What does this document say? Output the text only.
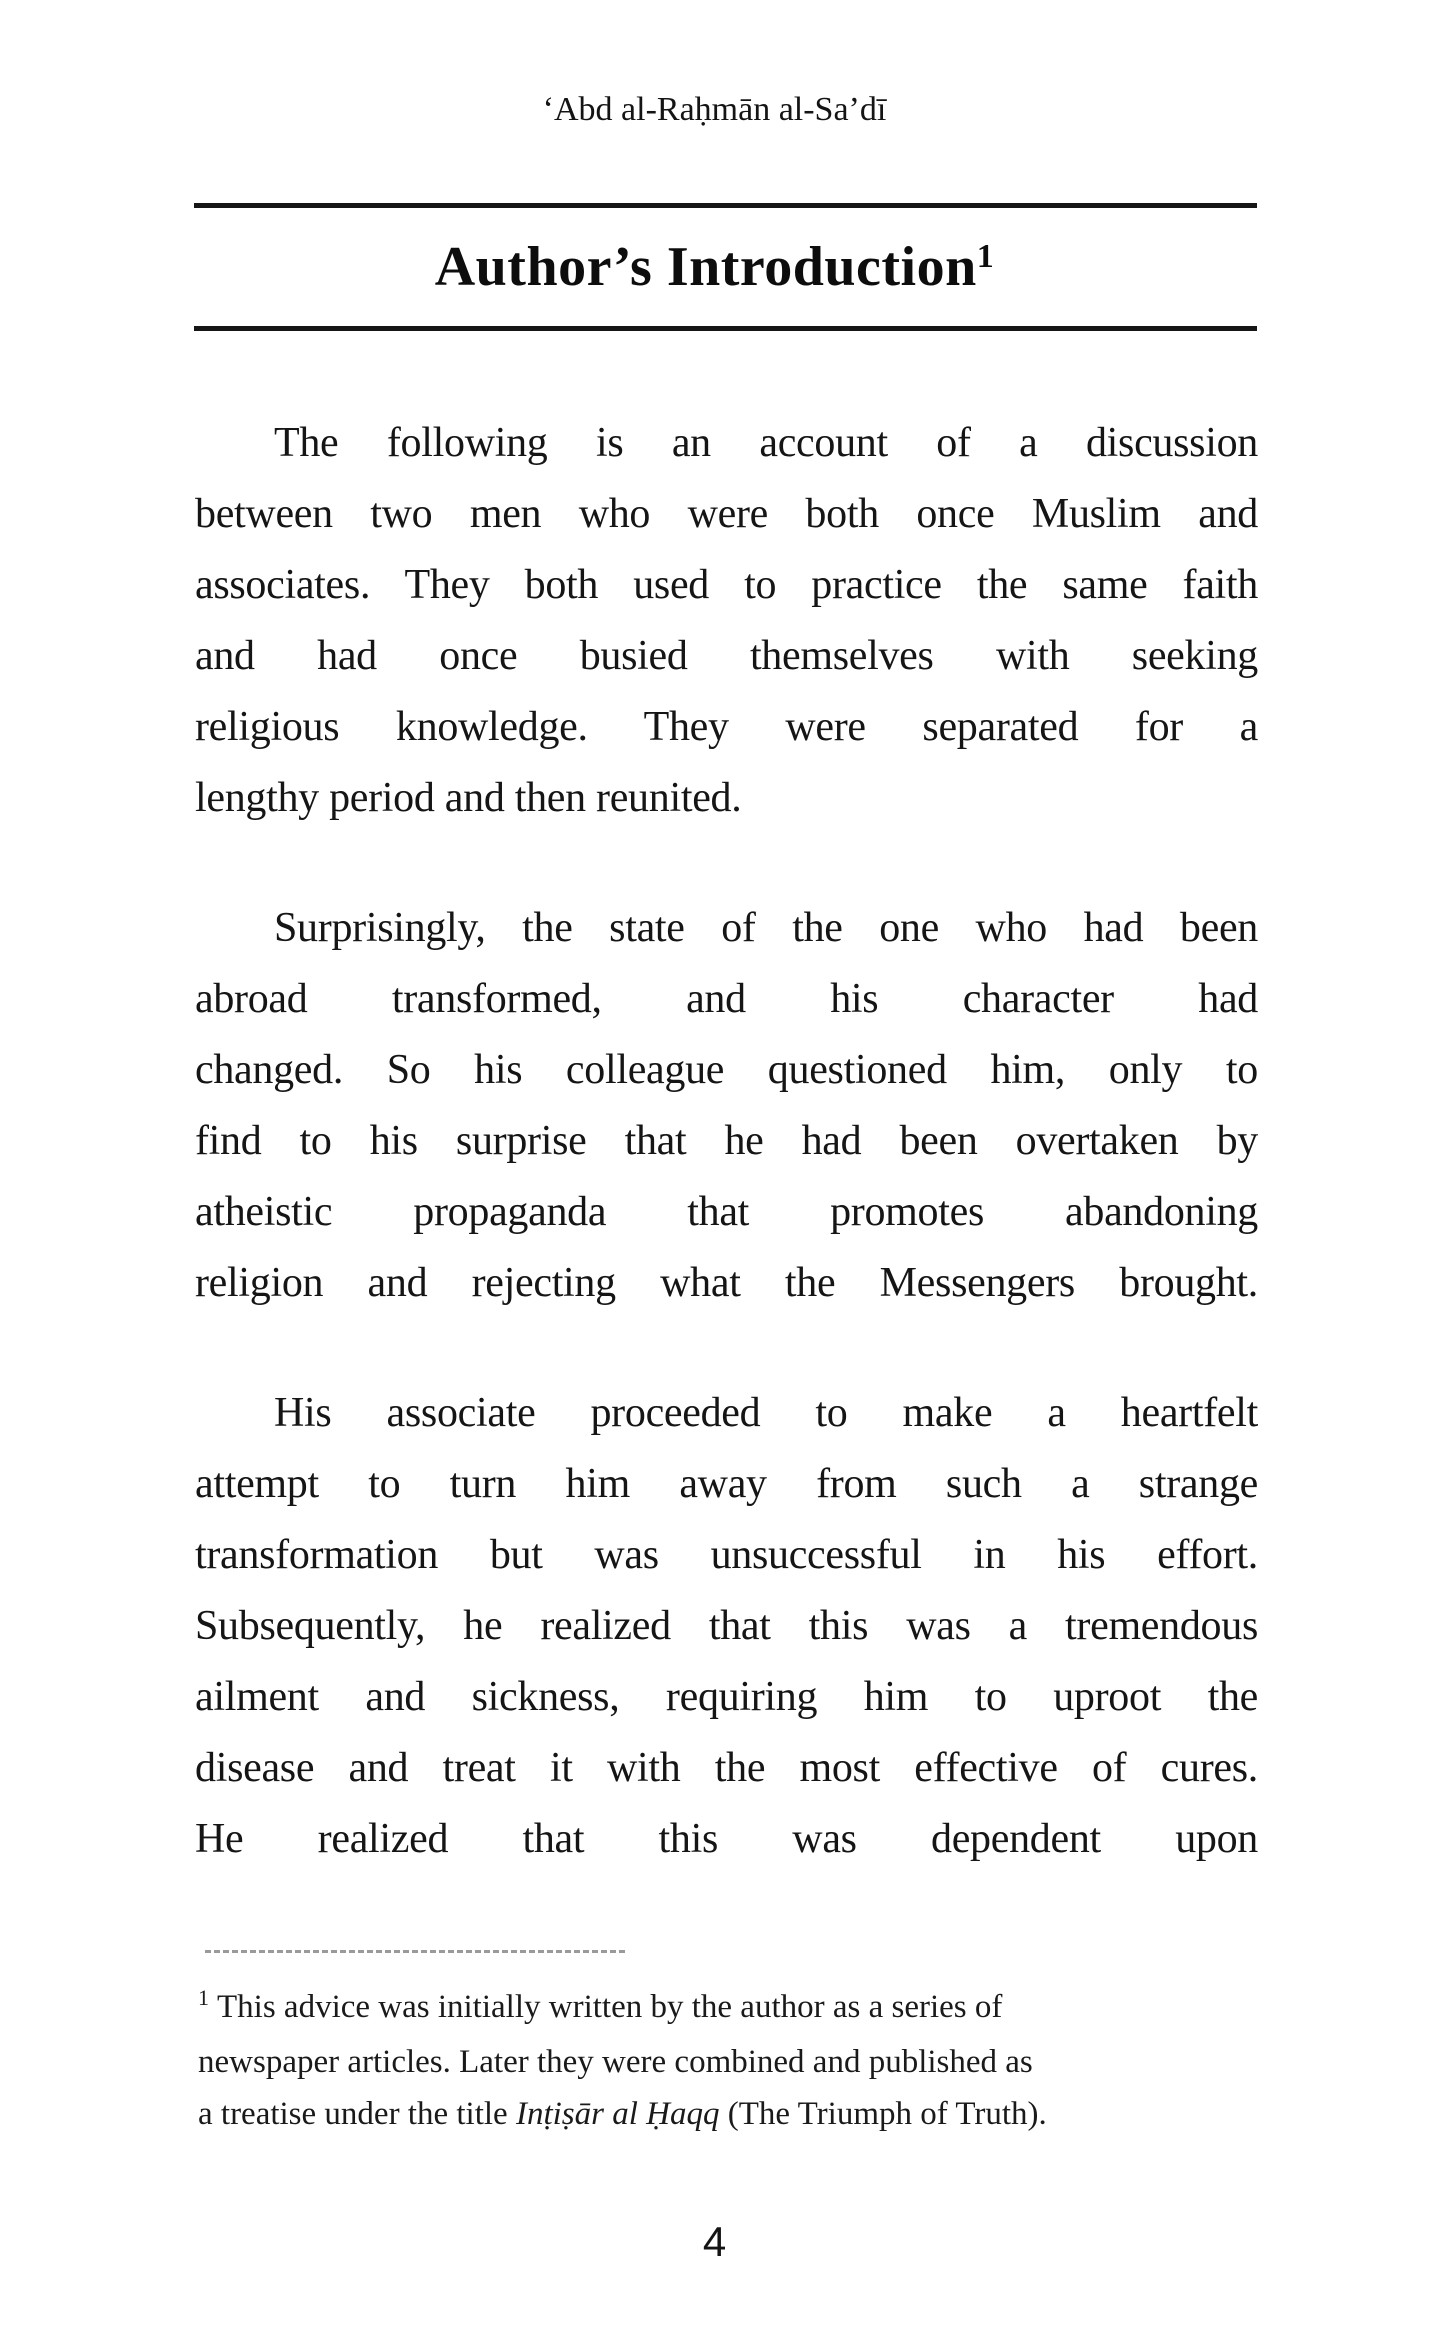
‘Abd al-Raḥmān al-Sa’dī
Author’s Introduction$^1$
The following is an account of a discussion
between two men who were both once Muslim and
associates. They both used to practice the same faith
and had once busied themselves with seeking
religious knowledge. They were separated for a
lengthy period and then reunited.
Surprisingly, the state of the one who had been
abroad transformed, and his character had
changed. So his colleague questioned him, only to
find to his surprise that he had been overtaken by
atheistic propaganda that promotes abandoning
religion and rejecting what the Messengers brought.
His associate proceeded to make a heartfelt
attempt to turn him away from such a strange
transformation but was unsuccessful in his effort.
Subsequently, he realized that this was a tremendous
ailment and sickness, requiring him to uproot the
disease and treat it with the most effective of cures.
He realized that this was dependent upon
$^1$ This advice was initially written by the author as a series of
newspaper articles. Later they were combined and published as
a treatise under the title Inṭiṣār al Ḥaqq (The Triumph of Truth).
4
